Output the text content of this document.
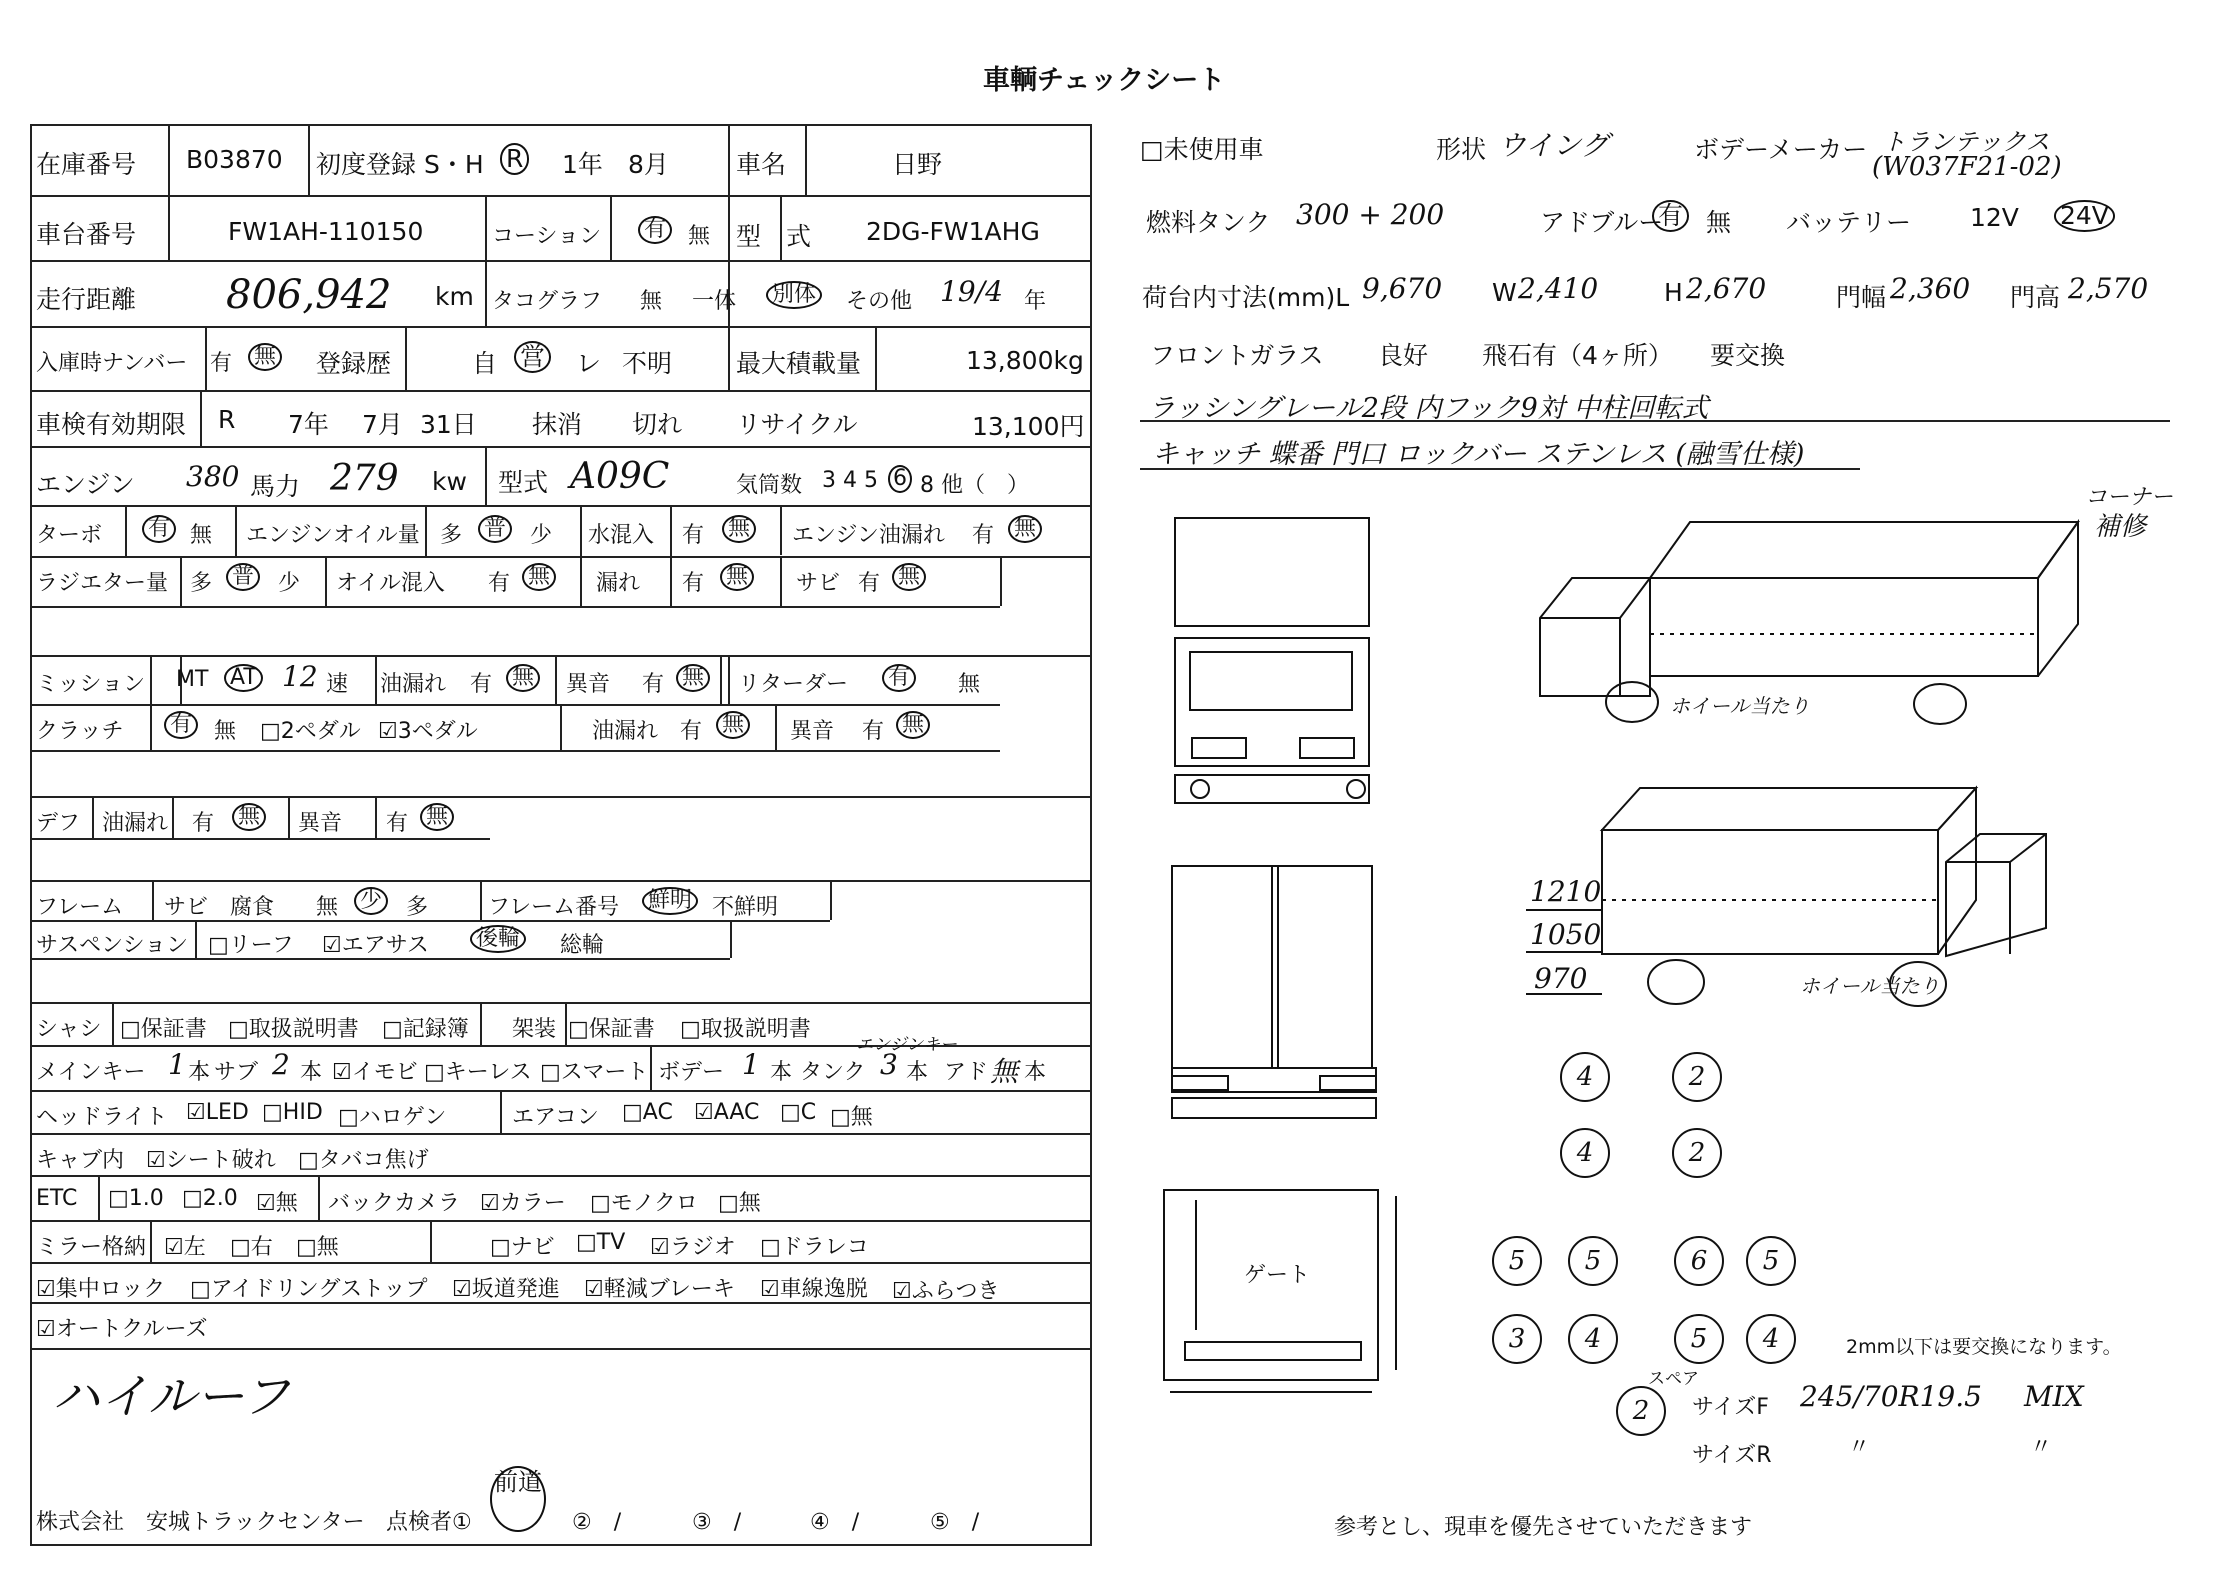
車輌チェックシート
在庫番号 B03870 初度登録 S・H R 1年 8月	車名	日野
車台番号	FW1AH-110150	コーション 有 無 型　式 2DG-FW1AHG
走行距離 806,942 km タコグラフ 無 一体 別体 その他 19/4 年
入庫時ナンバー 有 無 登録歴	自 営 レ 不明	最大積載量	13,800kg
車検有効期限 R 7年 7月 31日 抹消 切れ リサイクル	13,100円
エンジン 380 馬力 279 kw 型式 A09C	気筒数 3 4 5 6 8 他（　）
ターボ 有 無 エンジンオイル量 多 普 少 水混入 有 無 エンジン油漏れ 有 無
ラジエター量 多 普 少 オイル混入 有 無 漏れ 有 無 サビ 有 無
ミッション MT AT 12 速 油漏れ 有 無 異音 有 無 リターダー 有 無
クラッチ 有 無 □2ペダル ☑3ペダル	油漏れ 有 無 異音 有 無
デフ 油漏れ 有 無 異音 有 無
フレーム サビ 腐食 無 少 多	フレーム番号 鮮明 不鮮明
サスペンション □リーフ ☑エアサス 後輪 総輪
シャシ □保証書 □取扱説明書 □記録簿 架装 □保証書 □取扱説明書
メインキー 1 本 サブ 2 本 ☑イモビ □キーレス □スマート ボデー 1 本 タンク 3 本 アド 無 本
エンジンキー
ヘッドライト ☑LED □HID □ハロゲン	エアコン □AC ☑AAC □C □無
キャブ内 ☑シート破れ □タバコ焦げ
ETC □1.0 □2.0 ☑無 バックカメラ ☑カラー □モノクロ □無
ミラー格納 ☑左 □右 □無	□ナビ □TV ☑ラジオ □ドラレコ
☑集中ロック □アイドリングストップ ☑坂道発進 ☑軽減ブレーキ ☑車線逸脱 ☑ふらつき
☑オートクルーズ
ハイルーフ
株式会社　安城トラックセンター 点検者①
前道
②　/	③　/	④　/	⑤　/
□未使用車	形状 ウイング	ボデーメーカー トランテックス
(W037F21-02)
燃料タンク 300 + 200	アドブルー
有 無 バッテリー 12V 24V
荷台内寸法(mm)L 9,670 W 2,410	H 2,670	門幅 2,360 門高 2,570
フロントガラス 良好 飛石有（4ヶ所） 要交換
ラッシングレール2段 内フック9対 中柱回転式
キャッチ 蝶番 門口 ロックバー ステンレス (融雪仕様)
コーナー
補修
ホイール当たり
ホイール当たり
1210
1050
970
ゲート
4	2
4	2
5	5	6	5
3	4	5	4	2mm以下は要交換になります。
スペア
2	サイズF 245/70R19.5 MIX
サイズR	〃	〃
参考とし、現車を優先させていただきます
